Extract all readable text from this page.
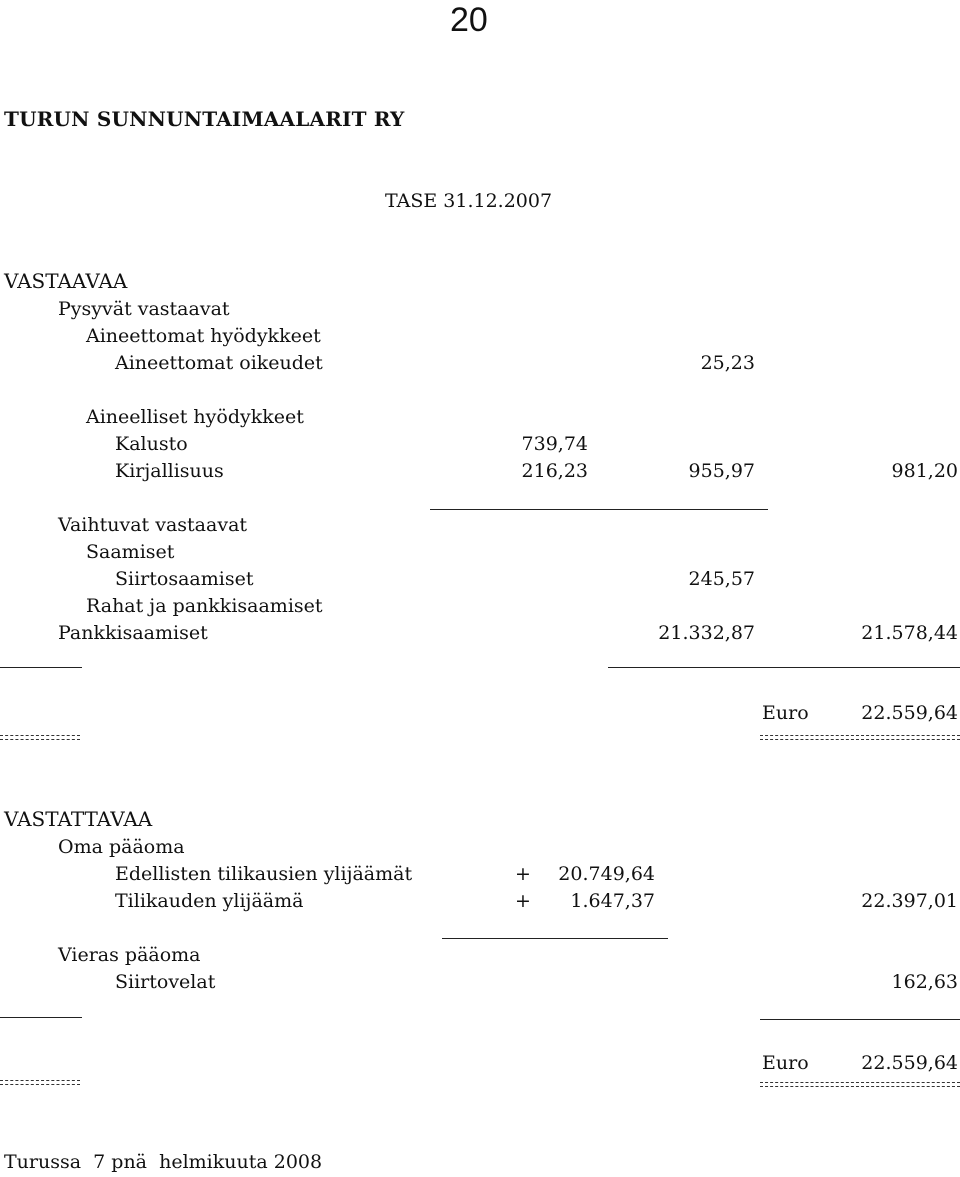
20
TURUN SUNNUNTAIMAALARIT RY
TASE 31.12.2007
VASTAAVAA
Pysyvät vastaavat
Aineettomat hyödykkeet
Aineettomat oikeudet	25,23
Aineelliset hyödykkeet
Kalusto	739,74
Kirjallisuus	216,23	955,97	981,20
Vaihtuvat vastaavat
Saamiset
Siirtosaamiset	245,57
Rahat ja pankkisaamiset
Pankkisaamiset	21.332,87	21.578,44
Euro	22.559,64
VASTATTAVAA
Oma pääoma
Edellisten tilikausien ylijäämät	+	20.749,64
Tilikauden ylijäämä	+	1.647,37	22.397,01
Vieras pääoma
Siirtovelat	162,63
Euro	22.559,64
Turussa 7 pnä helmikuuta 2008
